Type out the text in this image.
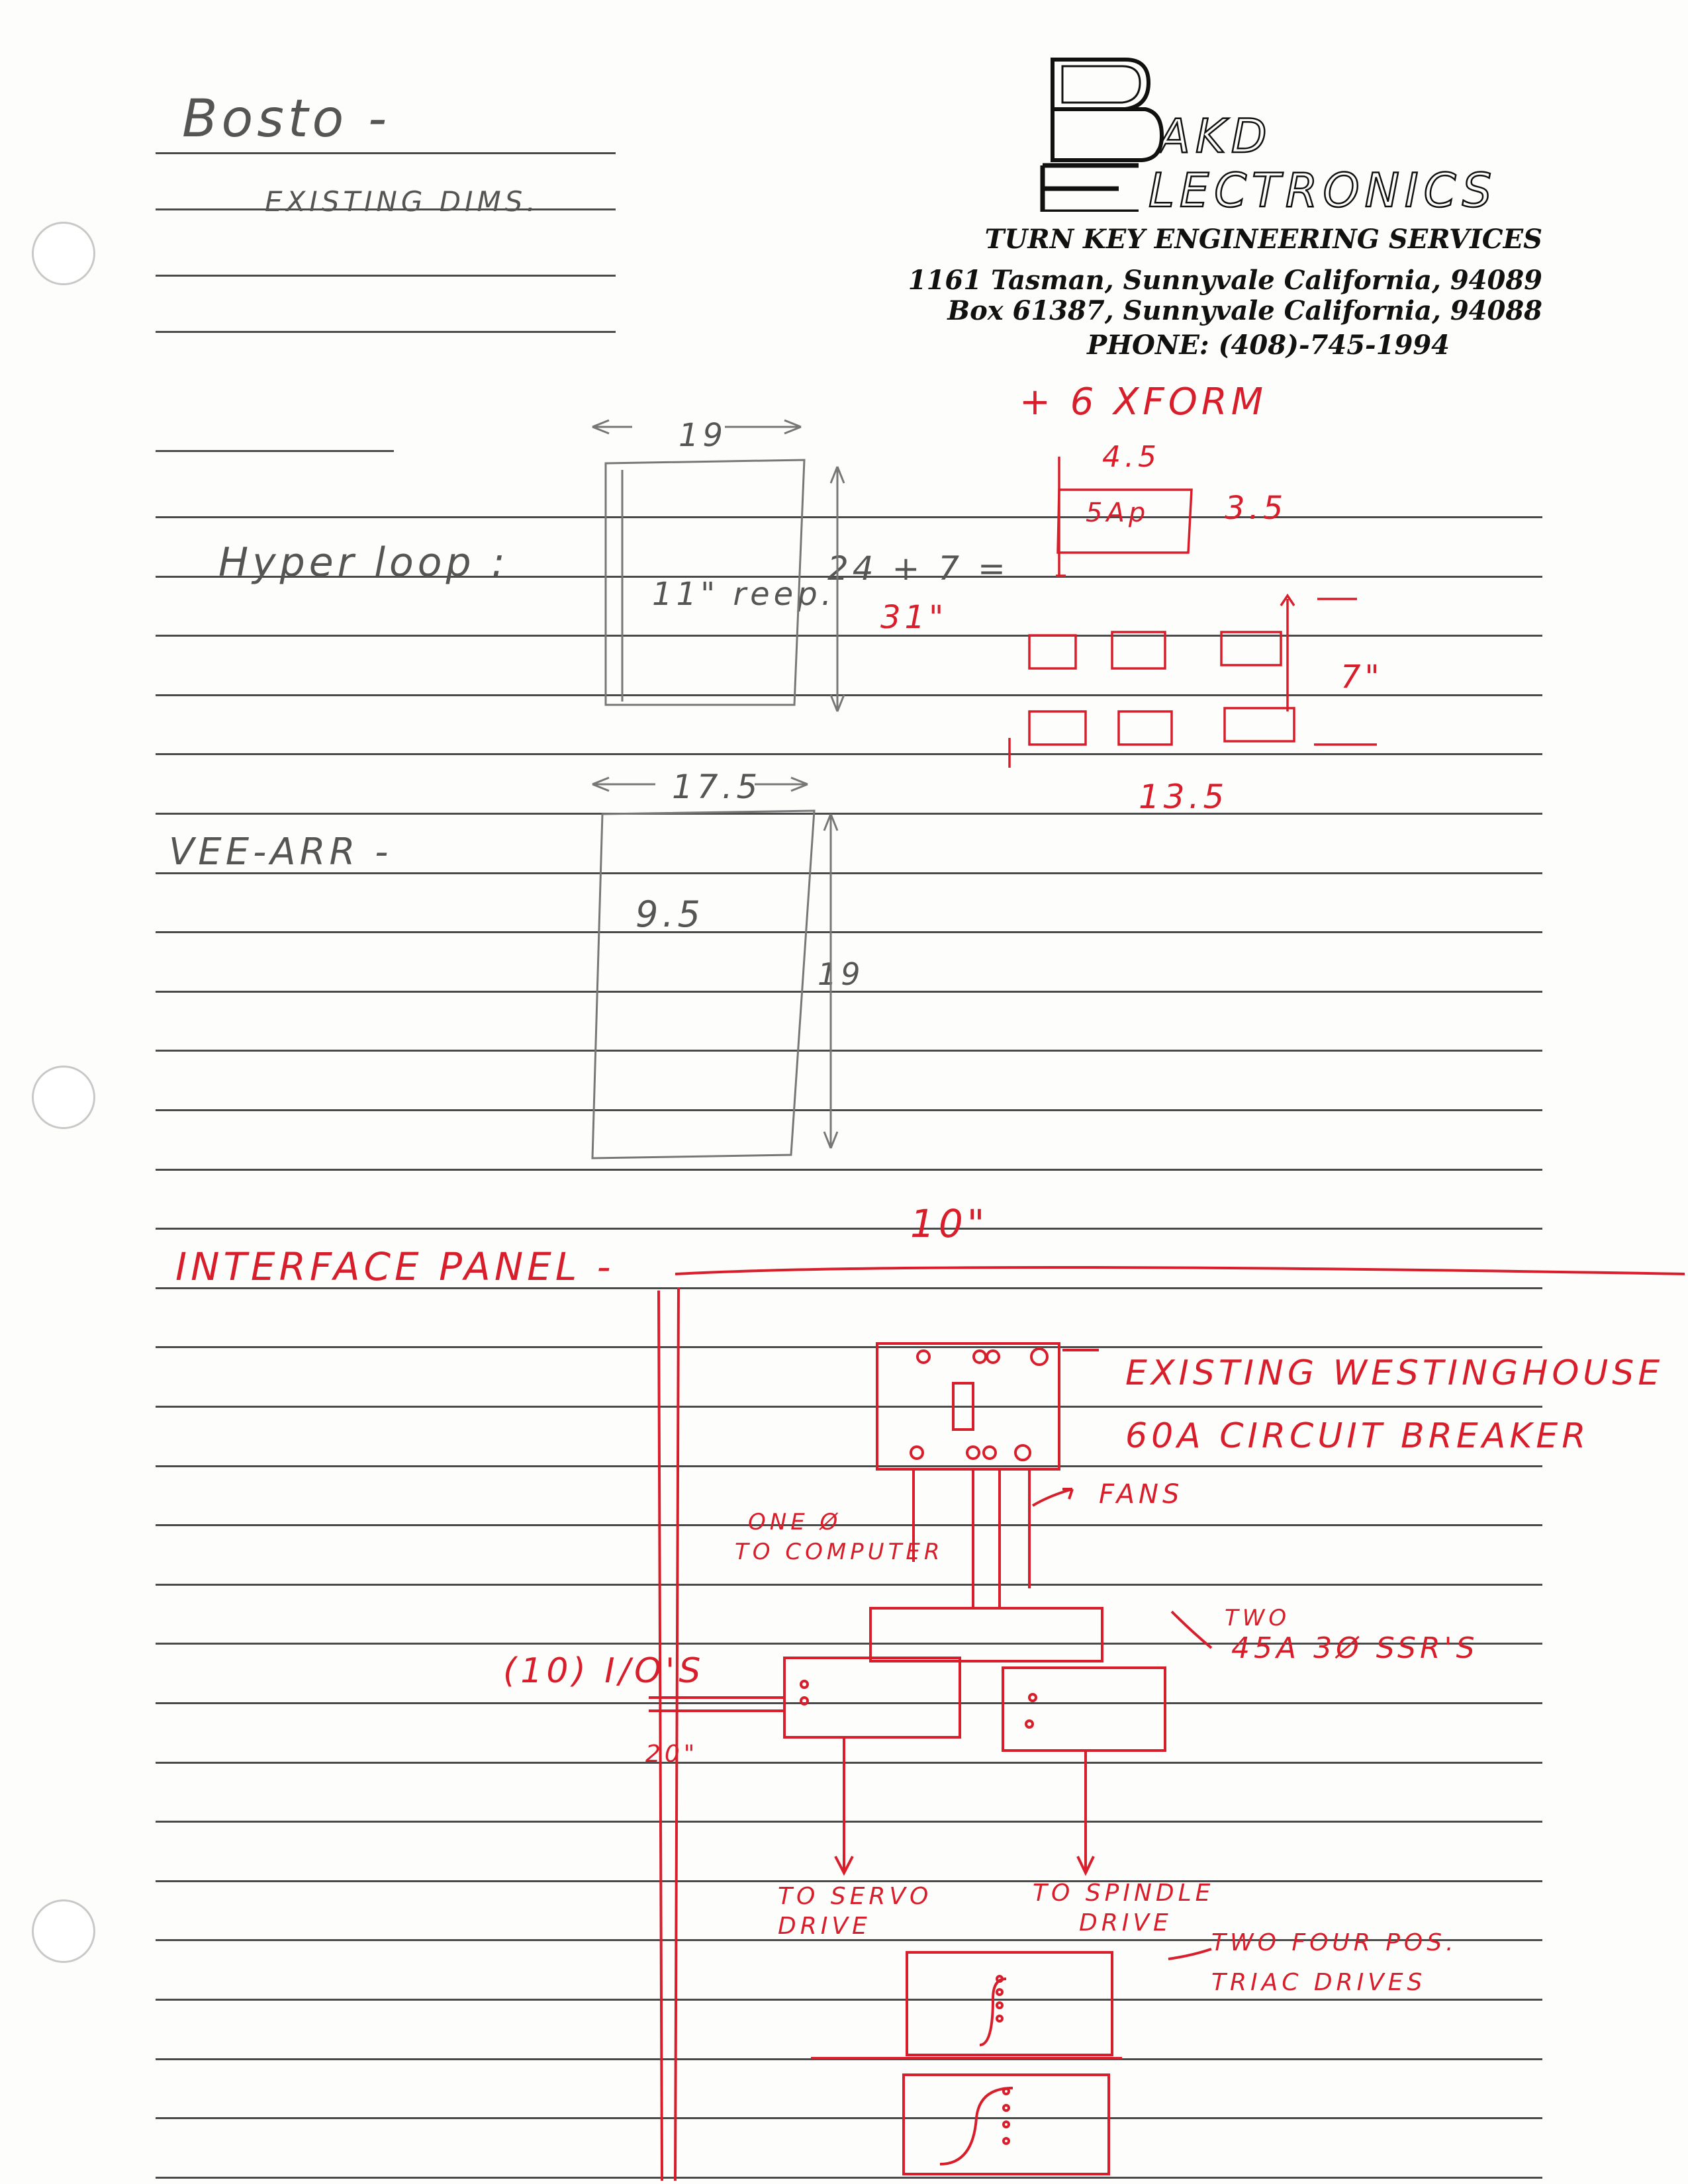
AKD
LECTRONICS
TURN KEY ENGINEERING SERVICES
1161 Tasman, Sunnyvale California, 94089
Box 61387, Sunnyvale California, 94088
PHONE: (408)-745-1994
Bosto -
EXISTING DIMS.
Hyper loop :
19
11" reep.
24 + 7 =
VEE-ARR -
17.5
9.5
19
31"
+ 6 XFORM
4.5
5Ap 3.5
7"
13.5
INTERFACE PANEL -
10"
20"
EXISTING WESTINGHOUSE
60A CIRCUIT BREAKER
FANS
ONE Ø
TO COMPUTER
TWO
45A 3Ø SSR'S
(10) I/O'S
TO SERVO
DRIVE
TO SPINDLE
DRIVE
TWO FOUR POS.
TRIAC DRIVES
